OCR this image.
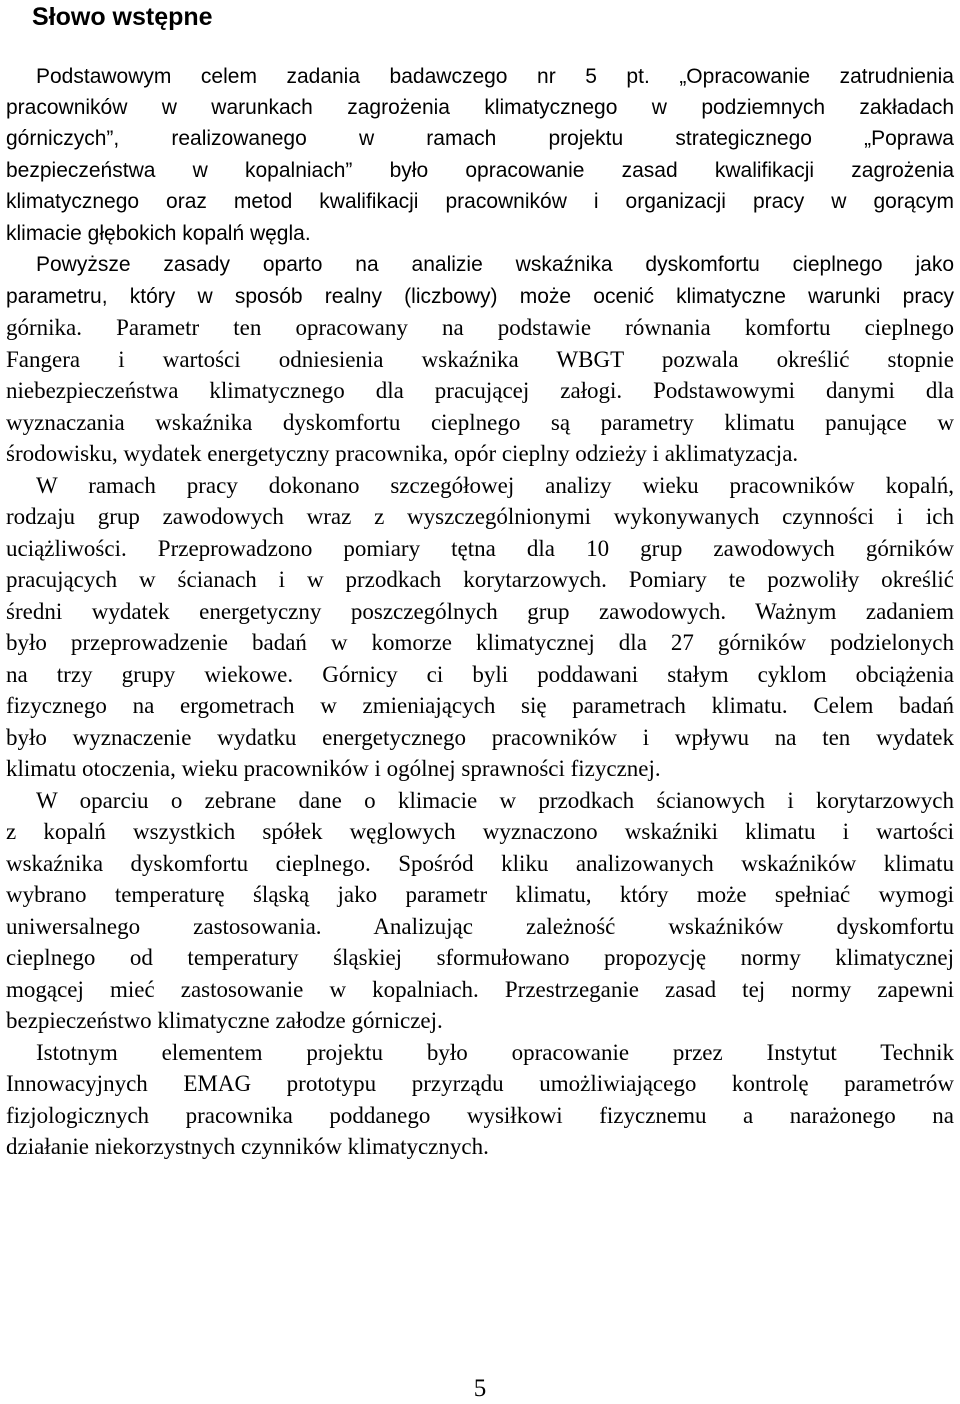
Słowo wstępne
Podstawowym celem zadania badawczego nr 5 pt. „Opracowanie zatrudnienia
pracowników w warunkach zagrożenia klimatycznego w podziemnych zakładach
górniczych”, realizowanego w ramach projektu strategicznego „Poprawa
bezpieczeństwa w kopalniach” było opracowanie zasad kwalifikacji zagrożenia
klimatycznego oraz metod kwalifikacji pracowników i organizacji pracy w gorącym
klimacie głębokich kopalń węgla.
Powyższe zasady oparto na analizie wskaźnika dyskomfortu cieplnego jako
parametru, który w sposób realny (liczbowy) może ocenić klimatyczne warunki pracy
górnika. Parametr ten opracowany na podstawie równania komfortu cieplnego
Fangera i wartości odniesienia wskaźnika WBGT pozwala określić stopnie
niebezpieczeństwa klimatycznego dla pracującej załogi. Podstawowymi danymi dla
wyznaczania wskaźnika dyskomfortu cieplnego są parametry klimatu panujące w
środowisku, wydatek energetyczny pracownika, opór cieplny odzieży i aklimatyzacja.
W ramach pracy dokonano szczegółowej analizy wieku pracowników kopalń,
rodzaju grup zawodowych wraz z wyszczególnionymi wykonywanych czynności i ich
uciążliwości. Przeprowadzono pomiary tętna dla 10 grup zawodowych górników
pracujących w ścianach i w przodkach korytarzowych. Pomiary te pozwoliły określić
średni wydatek energetyczny poszczególnych grup zawodowych. Ważnym zadaniem
było przeprowadzenie badań w komorze klimatycznej dla 27 górników podzielonych
na trzy grupy wiekowe. Górnicy ci byli poddawani stałym cyklom obciążenia
fizycznego na ergometrach w zmieniających się parametrach klimatu. Celem badań
było wyznaczenie wydatku energetycznego pracowników i wpływu na ten wydatek
klimatu otoczenia, wieku pracowników i ogólnej sprawności fizycznej.
W oparciu o zebrane dane o klimacie w przodkach ścianowych i korytarzowych
z kopalń wszystkich spółek węglowych wyznaczono wskaźniki klimatu i wartości
wskaźnika dyskomfortu cieplnego. Spośród kliku analizowanych wskaźników klimatu
wybrano temperaturę śląską jako parametr klimatu, który może spełniać wymogi
uniwersalnego zastosowania. Analizując zależność wskaźników dyskomfortu
cieplnego od temperatury śląskiej sformułowano propozycję normy klimatycznej
mogącej mieć zastosowanie w kopalniach. Przestrzeganie zasad tej normy zapewni
bezpieczeństwo klimatyczne załodze górniczej.
Istotnym elementem projektu było opracowanie przez Instytut Technik
Innowacyjnych EMAG prototypu przyrządu umożliwiającego kontrolę parametrów
fizjologicznych pracownika poddanego wysiłkowi fizycznemu a narażonego na
działanie niekorzystnych czynników klimatycznych.
5
